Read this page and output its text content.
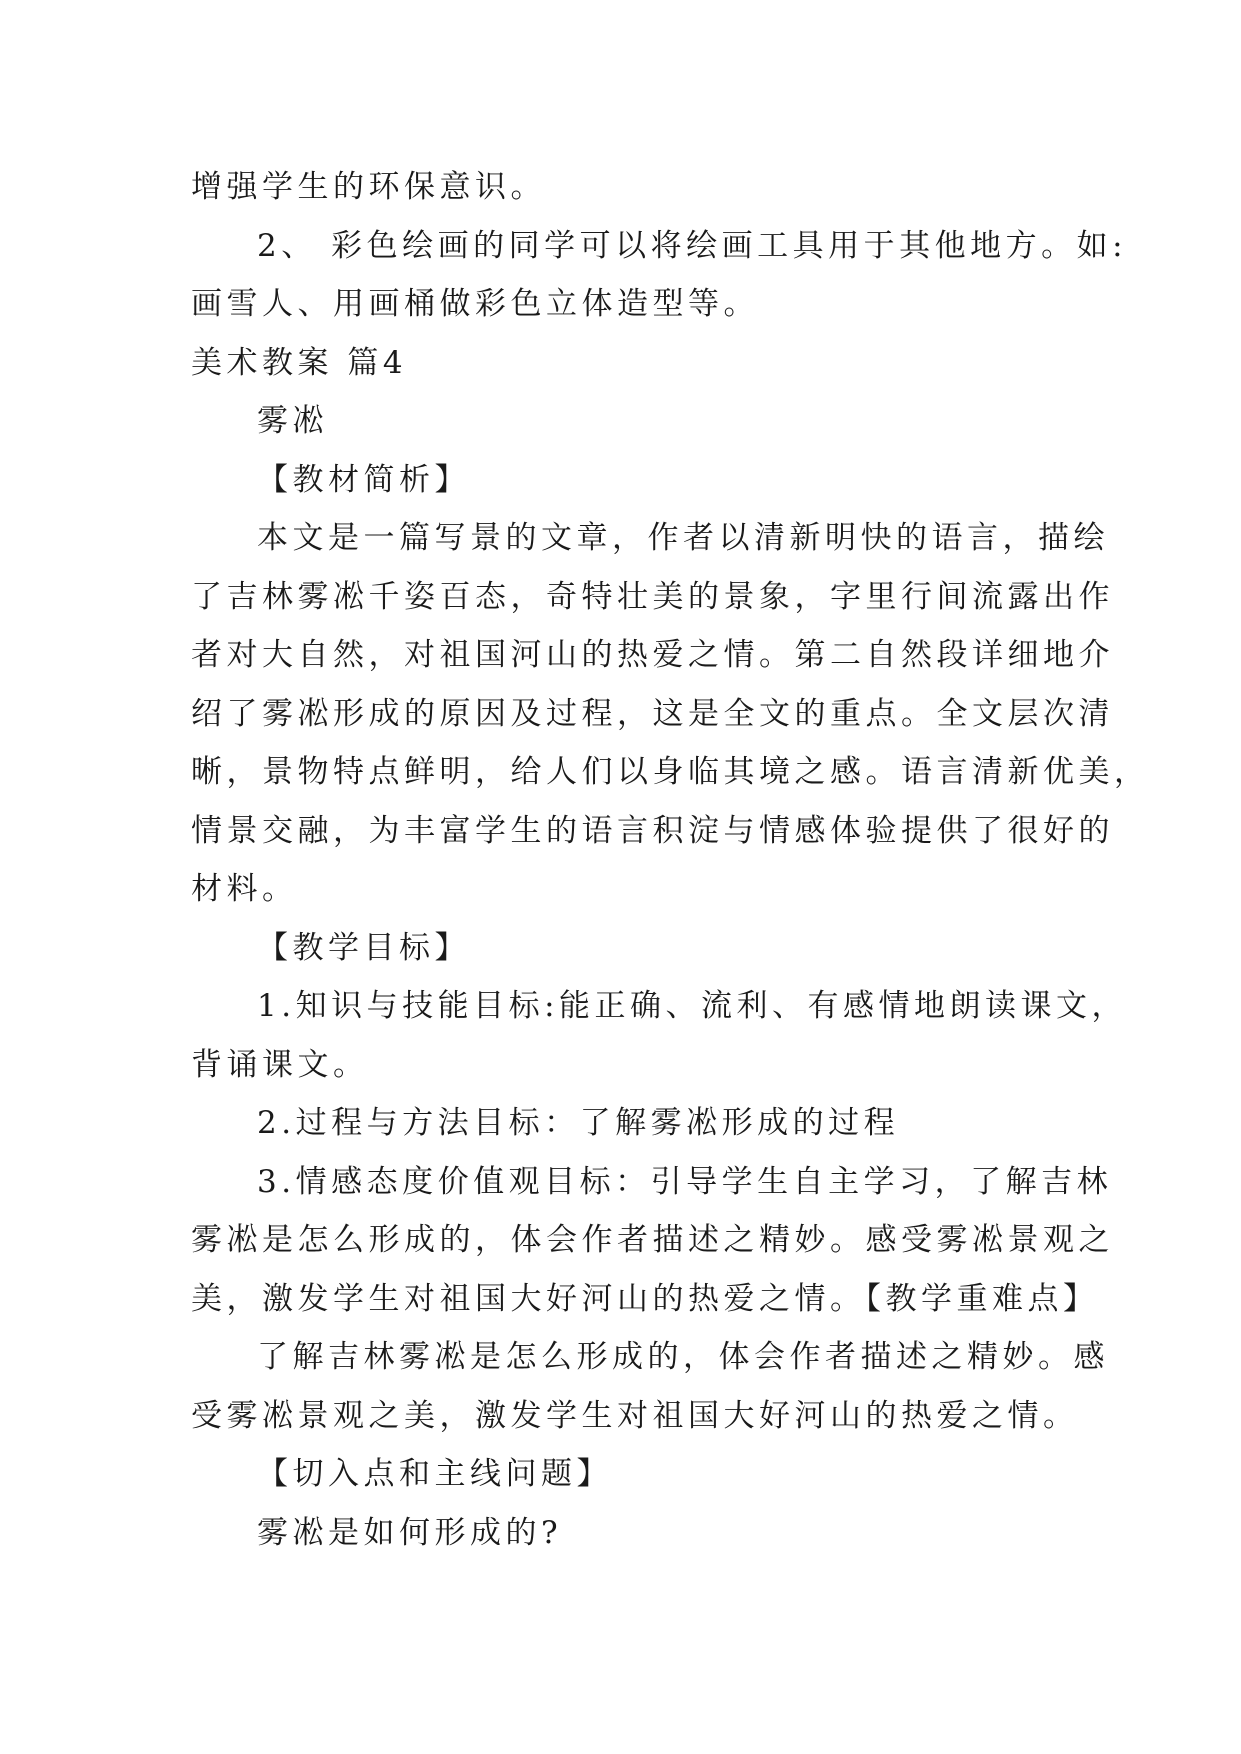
增强学生的环保意识。

2、 彩色绘画的同学可以将绘画工具用于其他地方。如:

画雪人、用画桶做彩色立体造型等。

美术教案 篇4

雾凇

【教材简析】

本文是一篇写景的文章，作者以清新明快的语言，描绘

了吉林雾凇千姿百态，奇特壮美的景象，字里行间流露出作

者对大自然，对祖国河山的热爱之情。第二自然段详细地介

绍了雾凇形成的原因及过程，这是全文的重点。全文层次清

晰，景物特点鲜明，给人们以身临其境之感。语言清新优美，

情景交融，为丰富学生的语言积淀与情感体验提供了很好的

材料。

【教学目标】

1.知识与技能目标:能正确、流利、有感情地朗读课文，

背诵课文。

2.过程与方法目标：了解雾凇形成的过程

3.情感态度价值观目标：引导学生自主学习，了解吉林

雾凇是怎么形成的，体会作者描述之精妙。感受雾凇景观之

美，激发学生对祖国大好河山的热爱之情。【教学重难点】

了解吉林雾凇是怎么形成的，体会作者描述之精妙。感

受雾凇景观之美，激发学生对祖国大好河山的热爱之情。

【切入点和主线问题】

雾凇是如何形成的?
